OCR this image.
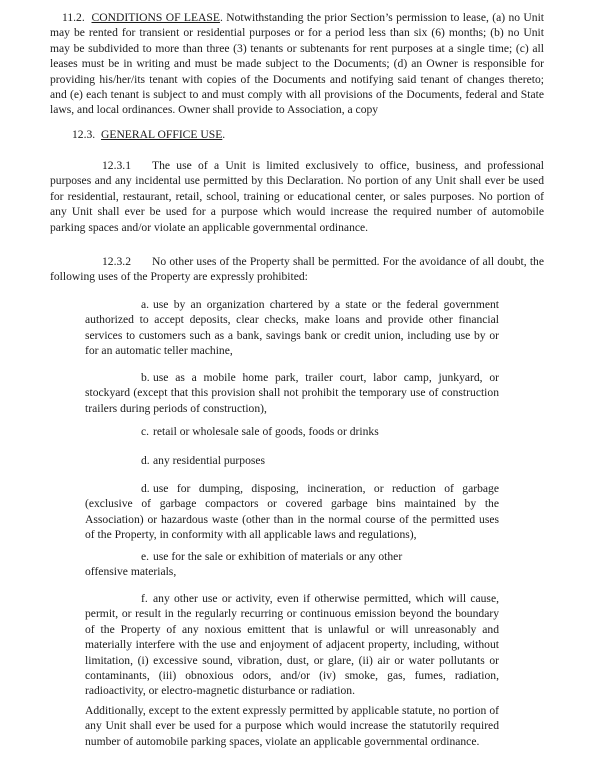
11.2. CONDITIONS OF LEASE. Notwithstanding the prior Section’s permission to lease, (a) no Unit may be rented for transient or residential purposes or for a period less than six (6) months; (b) no Unit may be subdivided to more than three (3) tenants or subtenants for rent purposes at a single time; (c) all leases must be in writing and must be made subject to the Documents; (d) an Owner is responsible for providing his/her/its tenant with copies of the Documents and notifying said tenant of changes thereto; and (e) each tenant is subject to and must comply with all provisions of the Documents, federal and State laws, and local ordinances. Owner shall provide to Association, a copy

12.3. GENERAL OFFICE USE.

12.3.1 The use of a Unit is limited exclusively to office, business, and professional purposes and any incidental use permitted by this Declaration. No portion of any Unit shall ever be used for residential, restaurant, retail, school, training or educational center, or sales purposes. No portion of any Unit shall ever be used for a purpose which would increase the required number of automobile parking spaces and/or violate an applicable governmental ordinance.

12.3.2 No other uses of the Property shall be permitted. For the avoidance of all doubt, the following uses of the Property are expressly prohibited:

a. use by an organization chartered by a state or the federal government authorized to accept deposits, clear checks, make loans and provide other financial services to customers such as a bank, savings bank or credit union, including use by or for an automatic teller machine,

b. use as a mobile home park, trailer court, labor camp, junkyard, or stockyard (except that this provision shall not prohibit the temporary use of construction trailers during periods of construction),

c. retail or wholesale sale of goods, foods or drinks

d. any residential purposes

d. use for dumping, disposing, incineration, or reduction of garbage (exclusive of garbage compactors or covered garbage bins maintained by the Association) or hazardous waste (other than in the normal course of the permitted uses of the Property, in conformity with all applicable laws and regulations),

e. use for the sale or exhibition of materials or any other offensive materials,

f. any other use or activity, even if otherwise permitted, which will cause, permit, or result in the regularly recurring or continuous emission beyond the boundary of the Property of any noxious emittent that is unlawful or will unreasonably and materially interfere with the use and enjoyment of adjacent property, including, without limitation, (i) excessive sound, vibration, dust, or glare, (ii) air or water pollutants or contaminants, (iii) obnoxious odors, and/or (iv) smoke, gas, fumes, radiation, radioactivity, or electro-magnetic disturbance or radiation.

Additionally, except to the extent expressly permitted by applicable statute, no portion of any Unit shall ever be used for a purpose which would increase the statutorily required number of automobile parking spaces, violate an applicable governmental ordinance.
